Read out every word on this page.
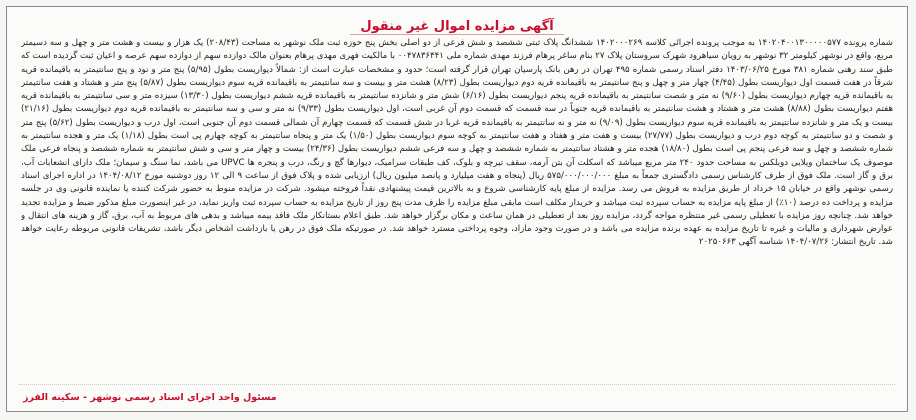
آگهی مزایده اموال غیر منقول

شماره پرونده ۱۴۰۲۰۴۰۰۱۳۰۰۰۰۰۵۷۷ به موجب پرونده اجرائی کلاسه ۱۴۰۲۰۰۰۲۶۹ ششدانگ پلاک ثبتی ششصد و شش فرعی از دو اصلی بخش پنج حوزه ثبت ملک نوشهر به مساحت (۲۰۸/۴۳) یک هزار و بیست و هشت متر و چهل و سه دسیمتر مربع، واقع در نوشهر کیلومتر ۳۲ نوشهر به رویان سیاهرود شهرک سروستان پلاک ۲۷ بنام ساغر پرهام فرزند مهدی شماره ملی ۰۰۴۷۸۳۶۴۴۱ با مالکیت فهری مهدی پرهام بعنوان مالک دوازده سهم از دوازده سهم عرصه و اعیان ثبت گردیده است که طبق سند رهنی شماره ۳۸۱ مورخ ۱۴۰۳/۰۶/۲۵ دفتر اسناد رسمی شماره ۴۹۵ تهران در رهن بانک پارسیان تهران قرار گرفته است؛ حدود و مشخصات عبارت است از: شمالاً دیواریست بطول (۵/۹۵) پنج متر و نود و پنج سانتیمتر به باقیمانده قریه شرقاً در هفت قسمت اول دیواریست بطول (۴/۴۵) چهار متر و چهل و پنج سانتیمتر به باقیمانده قریه دوم دیواریست بطول (۸/۲۳) هشت متر و بیست و سه سانتیمتر به باقیمانده قریه سوم دیواریست بطول (۵/۸۷) پنج متر و هشتاد و هفت سانتیمتر به باقیمانده قریه چهارم دیواریست بطول (۹/۶۰) نه متر و شصت سانتیمتر به باقیمانده قریه پنجم دیواریست بطول (۶/۱۶) شش متر و شانزده سانتیمتر به باقیمانده قریه ششم دیواریست بطول (۱۳/۳۰) سیزده متر و سی سانتیمتر به باقیمانده قریه هفتم دیواریست بطول (۸/۸۸) هشت متر و هشتاد و هشت سانتیمتر به باقیمانده قریه جنوباً در سه قسمت که قسمت دوم آن غربی است، اول دیواریست بطول (۹/۳۳) نه متر و سی و سه سانتیمتر به باقیمانده قریه دوم دیواریست بطول (۲۱/۱۶) بیست و یک متر و شانزده سانتیمتر به باقیمانده قریه سوم دیواریست بطول (۹/۰۹) نه متر و نه سانتیمتر به باقیمانده قریه غربا در شش قسمت که قسمت چهارم آن شمالی قسمت دوم آن جنوبی است، اول درب و دیواریست بطول (۵/۶۲) پنج متر و شصت و دو سانتیمتر به کوچه دوم درب و دیواریست بطول (۲۷/۷۷) بیست و هفت متر و هفتاد و هفت سانتیمتر به کوچه سوم دیواریست بطول (۱/۵۰) یک متر و پنجاه سانتیمتر به کوچه چهارم پی است بطول (۱/۱۸) یک متر و هجده سانتیمتر به شماره ششصد و چهل و سه فرعی پنجم پی است بطول (۱۸/۸۰) هجده متر و هشتاد سانتیمتر به شماره ششصد و چهل و سه فرعی ششم دیواریست بطول (۲۴/۳۶) بیست و چهار متر و سی و شش سانتیمتر به شماره ششصد و پنجاه فرعی ملک موصوف یک ساختمان ویلایی دوبلکس به مساحت حدود ۲۴۰ متر مربع میباشد که اسکلت آن بتن آرمه، سقف تیرچه و بلوک، کف طبقات سرامیک، دیوارها گچ و رنگ، درب و پنجره ها UPVC می باشد، نما سنگ و سیمان؛ ملک دارای انشعابات آب، برق و گاز است. ملک فوق از طرف کارشناس رسمی دادگستری جمعاً به مبلغ ۵۷۵/۰۰۰/۰۰۰/۰۰۰ ریال (پنجاه و هفت میلیارد و پانصد میلیون ریال) ارزیابی شده و پلاک فوق از ساعت ۹ الی ۱۲ روز دوشنبه مورخ ۱۴۰۴/۰۸/۱۲ در اداره اجرای اسناد رسمی نوشهر واقع در خیابان ۱۵ خرداد از طریق مزایده به فروش می رسد. مزایده از مبلغ پایه کارشناسی شروع و به بالاترین قیمت پیشنهادی نقداً فروخته میشود. شرکت در مزایده منوط به حضور شرکت کننده یا نماینده قانونی وی در جلسه مزایده و پرداخت ده درصد (۱۰٪) از مبلغ پایه مزایده به حساب سپرده ثبت میباشد و خریدار مکلف است مابقی مبلغ مزایده را ظرف مدت پنج روز از تاریخ مزایده به حساب سپرده ثبت واریز نماید، در غیر اینصورت مبلغ مذکور ضبط و مزایده تجدید خواهد شد. چنانچه روز مزایده با تعطیلی رسمی غیر منتظره مواجه گردد، مزایده روز بعد از تعطیلی در همان ساعت و مکان برگزار خواهد شد. طبق اعلام بستانکار ملک فاقد بیمه میباشد و بدهی های مربوط به آب، برق، گاز و هزینه های انتقال و عوارض شهرداری و مالیات و غیره تا تاریخ مزایده به عهده برنده مزایده می باشد و در صورت وجود مازاد، وجوه پرداختی مسترد خواهد شد. در صورتیکه ملک فوق در رهن یا بازداشت اشخاص دیگر باشد، تشریفات قانونی مربوطه رعایت خواهد شد. تاریخ انتشار: ۱۴۰۴/۰۷/۲۶ شناسه آگهی ۲۰۲۵۰۶۶۳

مسئول واحد اجرای اسناد رسمی نوشهر - سکینه الفرز
